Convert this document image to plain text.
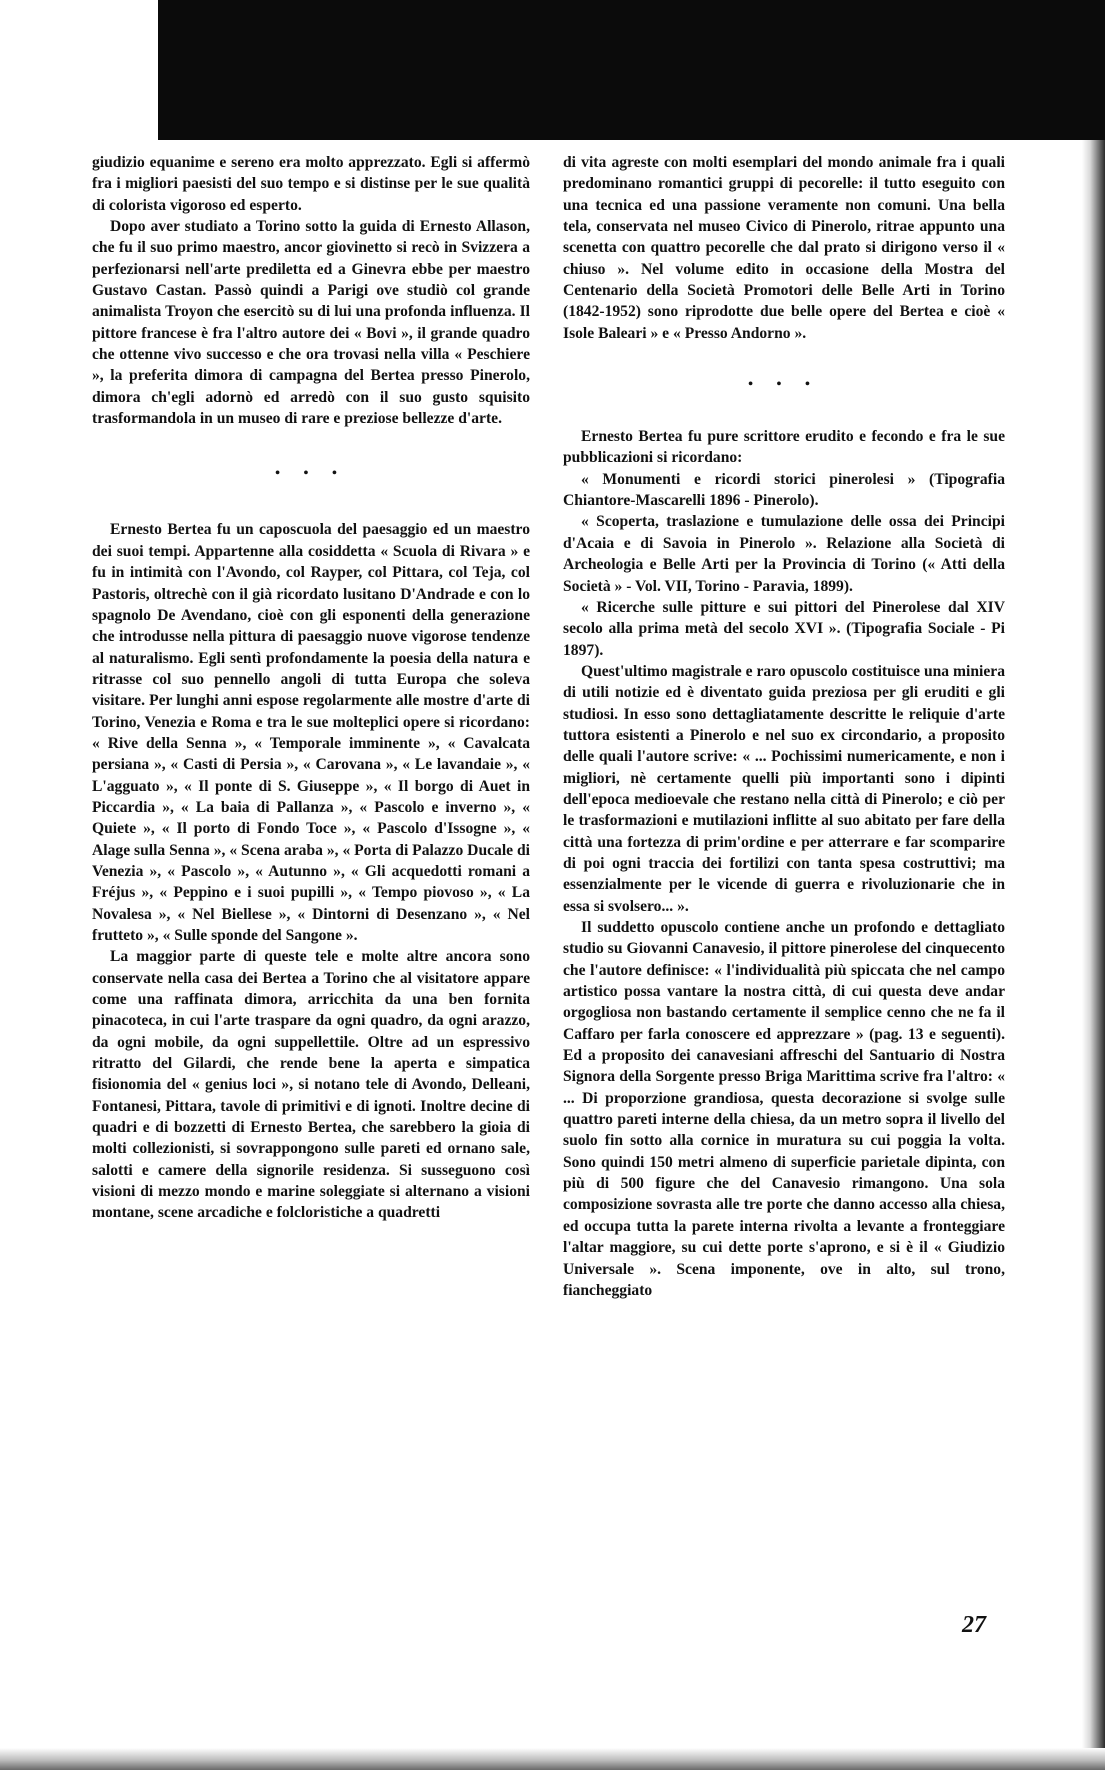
giudizio equanime e sereno era molto apprezzato. Egli si affermò fra i migliori paesisti del suo tempo e si distinse per le sue qualità di colorista vigoroso ed esperto.

Dopo aver studiato a Torino sotto la guida di Ernesto Allason, che fu il suo primo maestro, ancor giovinetto si recò in Svizzera a perfezionarsi nell'arte prediletta ed a Ginevra ebbe per maestro Gustavo Castan. Passò quindi a Parigi ove studiò col grande animalista Troyon che esercitò su di lui una profonda influenza. Il pittore francese è fra l'altro autore dei « Bovi », il grande quadro che ottenne vivo successo e che ora trovasi nella villa « Peschiere », la preferita dimora di campagna del Bertea presso Pinerolo, dimora ch'egli adornò ed arredò con il suo gusto squisito trasformandola in un museo di rare e preziose bellezze d'arte.

• • •

Ernesto Bertea fu un caposcuola del paesaggio ed un maestro dei suoi tempi. Appartenne alla cosiddetta « Scuola di Rivara » e fu in intimità con l'Avondo, col Rayper, col Pittara, col Teja, col Pastoris, oltrechè con il già ricordato lusitano D'Andrade e con lo spagnolo De Avendano, cioè con gli esponenti della generazione che introdusse nella pittura di paesaggio nuove vigorose tendenze al naturalismo. Egli sentì profondamente la poesia della natura e ritrasse col suo pennello angoli di tutta Europa che soleva visitare. Per lunghi anni espose regolarmente alle mostre d'arte di Torino, Venezia e Roma e tra le sue molteplici opere si ricordano: « Rive della Senna », « Temporale imminente », « Cavalcata persiana », « Casti di Persia », « Carovana », « Le lavandaie », « L'agguato », « Il ponte di S. Giuseppe », « Il borgo di Auet in Piccardia », « La baia di Pallanza », « Pascolo e inverno », « Quiete », « Il porto di Fondo Toce », « Pascolo d'Issogne », « Alage sulla Senna », « Scena araba », « Porta di Palazzo Ducale di Venezia », « Pascolo », « Autunno », « Gli acquedotti romani a Fréjus », « Peppino e i suoi pupilli », « Tempo piovoso », « La Novalesa », « Nel Biellese », « Dintorni di Desenzano », « Nel frutteto », « Sulle sponde del Sangone ».

La maggior parte di queste tele e molte altre ancora sono conservate nella casa dei Bertea a Torino che al visitatore appare come una raffinata dimora, arricchita da una ben fornita pinacoteca, in cui l'arte traspare da ogni quadro, da ogni arazzo, da ogni mobile, da ogni suppellettile. Oltre ad un espressivo ritratto del Gilardi, che rende bene la aperta e simpatica fisionomia del « genius loci », si notano tele di Avondo, Delleani, Fontanesi, Pittara, tavole di primitivi e di ignoti. Inoltre decine di quadri e di bozzetti di Ernesto Bertea, che sarebbero la gioia di molti collezionisti, si sovrappongono sulle pareti ed ornano sale, salotti e camere della signorile residenza. Si susseguono così visioni di mezzo mondo e marine soleggiate si alternano a visioni montane, scene arcadiche e folcloristiche a quadretti

di vita agreste con molti esemplari del mondo animale fra i quali predominano romantici gruppi di pecorelle: il tutto eseguito con una tecnica ed una passione veramente non comuni. Una bella tela, conservata nel museo Civico di Pinerolo, ritrae appunto una scenetta con quattro pecorelle che dal prato si dirigono verso il « chiuso ». Nel volume edito in occasione della Mostra del Centenario della Società Promotori delle Belle Arti in Torino (1842-1952) sono riprodotte due belle opere del Bertea e cioè « Isole Baleari » e « Presso Andorno ».

• • •

Ernesto Bertea fu pure scrittore erudito e fecondo e fra le sue pubblicazioni si ricordano:

« Monumenti e ricordi storici pinerolesi » (Tipografia Chiantore-Mascarelli 1896 - Pinerolo).

« Scoperta, traslazione e tumulazione delle ossa dei Principi d'Acaia e di Savoia in Pinerolo ». Relazione alla Società di Archeologia e Belle Arti per la Provincia di Torino (« Atti della Società » - Vol. VII, Torino - Paravia, 1899).

« Ricerche sulle pitture e sui pittori del Pinerolese dal XIV secolo alla prima metà del secolo XVI ». (Tipografia Sociale - Pi 1897).

Quest'ultimo magistrale e raro opuscolo costituisce una miniera di utili notizie ed è diventato guida preziosa per gli eruditi e gli studiosi. In esso sono dettagliatamente descritte le reliquie d'arte tuttora esistenti a Pinerolo e nel suo ex circondario, a proposito delle quali l'autore scrive: « ... Pochissimi numericamente, e non i migliori, nè certamente quelli più importanti sono i dipinti dell'epoca medioevale che restano nella città di Pinerolo; e ciò per le trasformazioni e mutilazioni inflitte al suo abitato per fare della città una fortezza di prim'ordine e per atterrare e far scomparire di poi ogni traccia dei fortilizi con tanta spesa costruttivi; ma essenzialmente per le vicende di guerra e rivoluzionarie che in essa si svolsero... ».

Il suddetto opuscolo contiene anche un profondo e dettagliato studio su Giovanni Canavesio, il pittore pinerolese del cinquecento che l'autore definisce: « l'individualità più spiccata che nel campo artistico possa vantare la nostra città, di cui questa deve andar orgogliosa non bastando certamente il semplice cenno che ne fa il Caffaro per farla conoscere ed apprezzare » (pag. 13 e seguenti). Ed a proposito dei canavesiani affreschi del Santuario di Nostra Signora della Sorgente presso Briga Marittima scrive fra l'altro: « ... Di proporzione grandiosa, questa decorazione si svolge sulle quattro pareti interne della chiesa, da un metro sopra il livello del suolo fin sotto alla cornice in muratura su cui poggia la volta. Sono quindi 150 metri almeno di superficie parietale dipinta, con più di 500 figure che del Canavesio rimangono. Una sola composizione sovrasta alle tre porte che danno accesso alla chiesa, ed occupa tutta la parete interna rivolta a levante a fronteggiare l'altar maggiore, su cui dette porte s'aprono, e si è il « Giudizio Universale ». Scena imponente, ove in alto, sul trono, fiancheggiato

27
